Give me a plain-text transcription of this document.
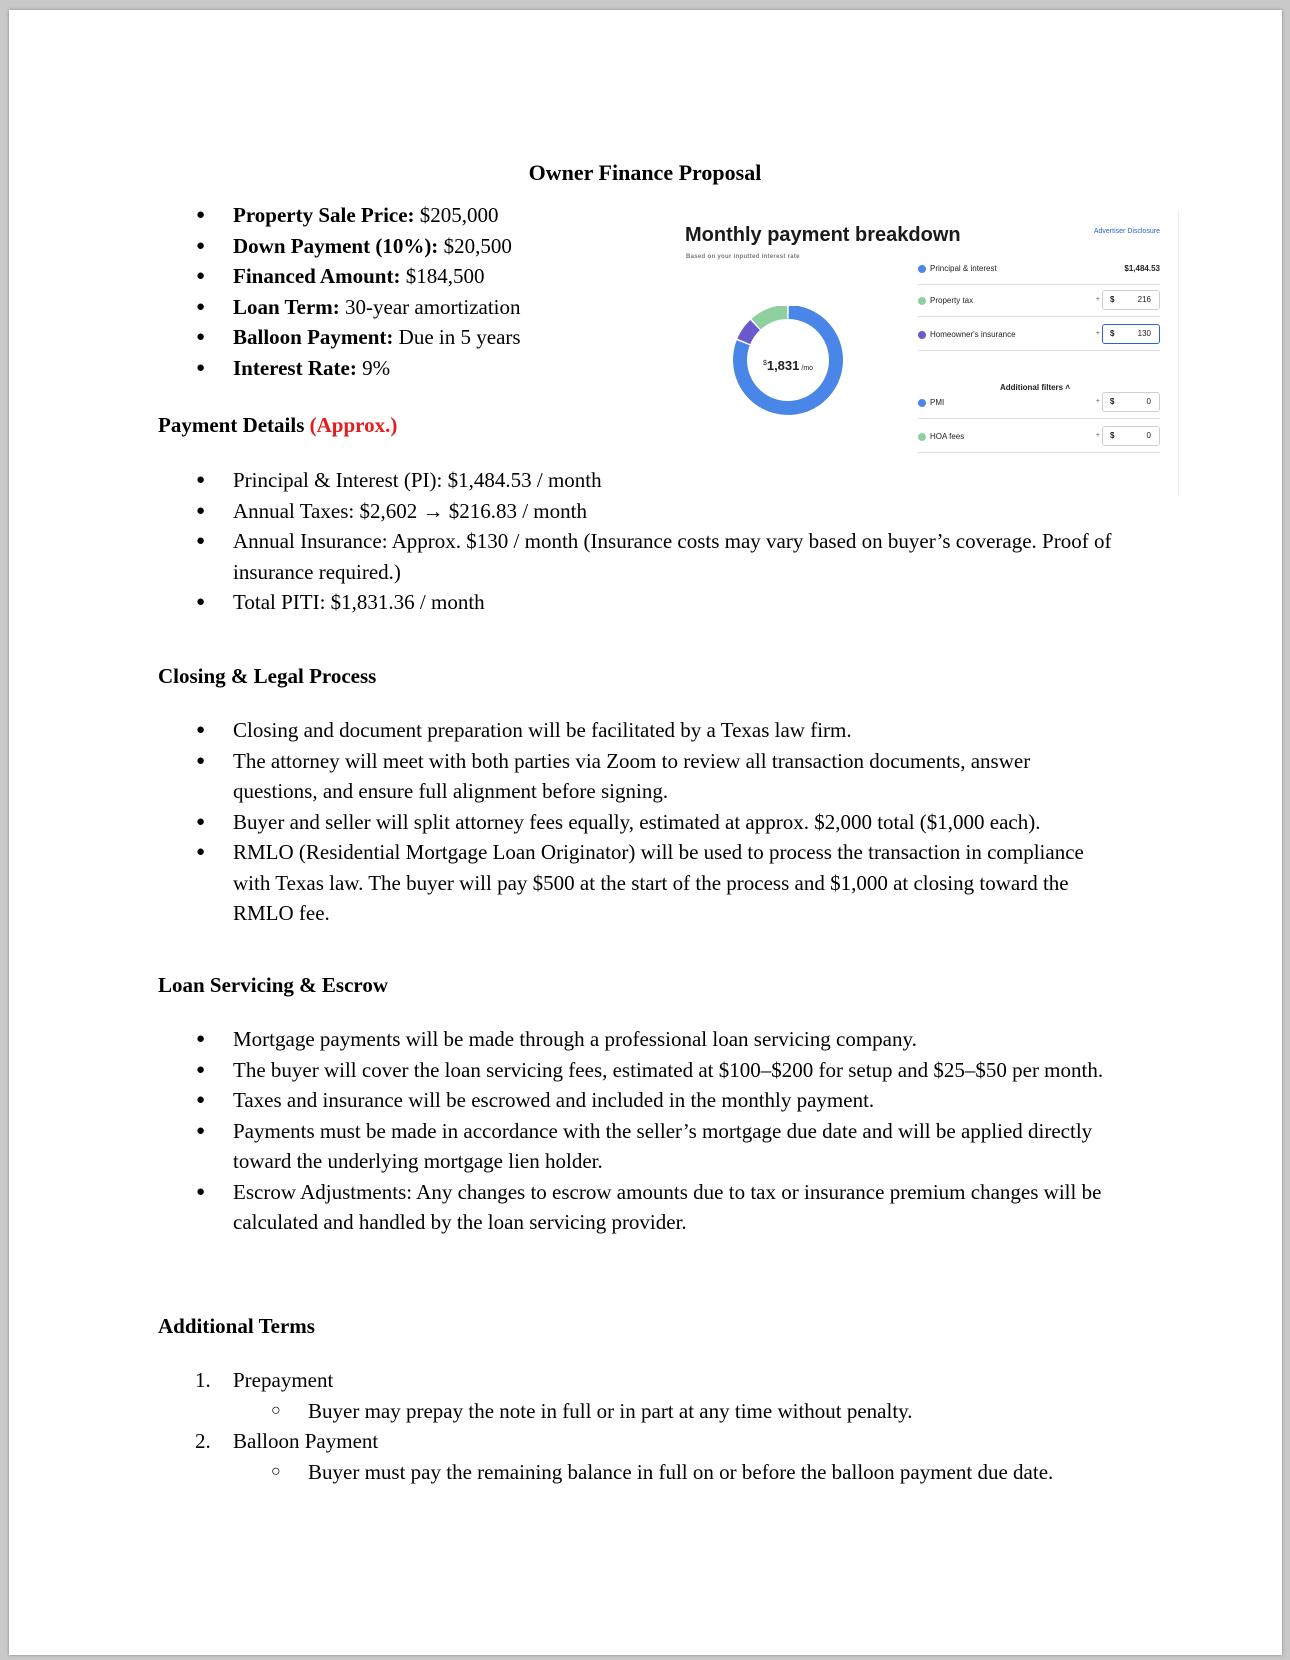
Owner Finance Proposal
● Property Sale Price: $205,000
● Down Payment (10%): $20,500
● Financed Amount: $184,500
● Loan Term: 30-year amortization
● Balloon Payment: Due in 5 years
● Interest Rate: 9%
Payment Details (Approx.)
● Principal & Interest (PI): $1,484.53 / month
● Annual Taxes: $2,602 → $216.83 / month
● Annual Insurance: Approx. $130 / month (Insurance costs may vary based on buyer’s coverage. Proof of insurance required.)
● Total PITI: $1,831.36 / month
Closing & Legal Process
● Closing and document preparation will be facilitated by a Texas law firm.
● The attorney will meet with both parties via Zoom to review all transaction documents, answer questions, and ensure full alignment before signing.
● Buyer and seller will split attorney fees equally, estimated at approx. $2,000 total ($1,000 each).
● RMLO (Residential Mortgage Loan Originator) will be used to process the transaction in compliance with Texas law. The buyer will pay $500 at the start of the process and $1,000 at closing toward the RMLO fee.
Loan Servicing & Escrow
● Mortgage payments will be made through a professional loan servicing company.
● The buyer will cover the loan servicing fees, estimated at $100–$200 for setup and $25–$50 per month.
● Taxes and insurance will be escrowed and included in the monthly payment.
● Payments must be made in accordance with the seller’s mortgage due date and will be applied directly toward the underlying mortgage lien holder.
● Escrow Adjustments: Any changes to escrow amounts due to tax or insurance premium changes will be calculated and handled by the loan servicing provider.
Additional Terms
1. Prepayment
○ Buyer may prepay the note in full or in part at any time without penalty.
2. Balloon Payment
○ Buyer must pay the remaining balance in full on or before the balloon payment due date.
Monthly payment breakdown
Based on your inputted interest rate
Advertiser Disclosure
\$$_{1,831}$ /mo
Principal & interest	$1,484.53
Property tax	+ $	216
Homeowner's insurance	+ $	130
Additional filters ˄
PMI	+ $	0
HOA fees	+ $	0
